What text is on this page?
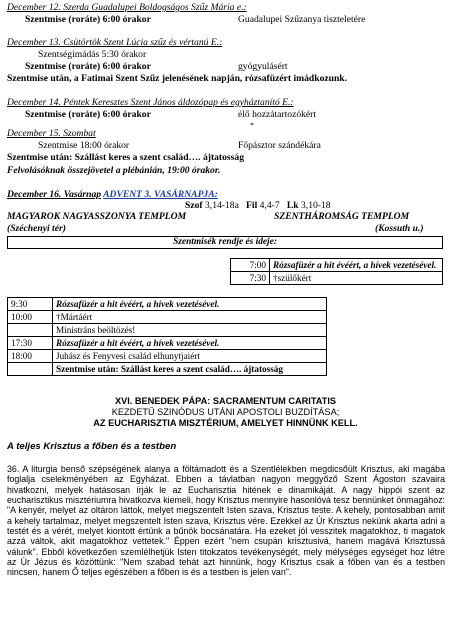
December 12. Szerda Guadalupei Boldogságos Szűz Mária e.:
Szentmise (roráte) 6:00 órakor	Guadalupei Szűzanya tiszteletére
December 13. Csütörtök Szent Lúcia szűz és vértanú E.:
Szentségimádás 5:30 órakor
Szentmise (roráte) 6:00 órakor	gyógyulásért
Szentmise után, a Fatimai Szent Szűz jelenésének napján, rózsafüzért imádkozunk.
December 14. Péntek Keresztes Szent János áldozópap és egyháztanító E.:
Szentmise (roráte) 6:00 órakor	élő hozzátartozókért
*
December 15. Szombat
Szentmise 18:00 órakor	Főpásztor szándékára
Szentmise után: Szállást keres a szent család…. ájtatosság
Felvolásóknak összejövetel a plébánián, 19:00 órakor.
December 16. Vasárnap ADVENT 3. VASÁRNAPJA:
Szof 3,14-18a Fil 4,4-7 Lk 3,10-18
MAGYAROK NAGYASSZONYA TEMPLOM	SZENTHÁROMSÁG TEMPLOM
(Széchenyi tér)	(Kossuth u.)
Szentmisék rendje és ideje:
7:00	Rózsafüzér a hit évéért, a hívek vezetésével.
7:30	†szülőkért
9:30	Rózsafüzér a hit évéért, a hívek vezetésével.
10:00	†Mártáért
	Ministráns beöltözés!
17:30	Rózsafüzér a hit évéért, a hívek vezetésével.
18:00	Juhász és Fenyvesi család elhunytjaiért
	Szentmise után: Szállást keres a szent család…. ájtatosság
XVI. BENEDEK PÁPA: SACRAMENTUM CARITATIS
KEZDETŰ SZINÓDUS UTÁNI APOSTOLI BUZDÍTÁSA;
AZ EUCHARISZTIA MISZTÉRIUM, AMELYET HINNÜNK KELL.
A teljes Krisztus a főben és a testben
36. A liturgia benső szépségének alanya a föltámadott és a Szentlélekben megdicsőült Krisztus, aki magába foglalja cselekményében az Egyházat. Ebben a távlatban nagyon meggyőző Szent Ágoston szavaira hivatkozni, melyek hatásosan írják le az Eucharisztia hitének e dinamikáját. A nagy hippói szent az eucharisztikus misztériumra hivatkozva kiemeli, hogy Krisztus mennyire hasonlóvá tesz bennünket önmagához: "A kenyér, melyet az oltáron láttok, melyet megszentelt Isten szava, Krisztus teste. A kehely, pontosabban amit a kehely tartalmaz, melyet megszentelt Isten szava, Krisztus vére. Ezekkel az Úr Krisztus nekünk akarta adni a testét és a vérét, melyet kiontott értünk a bűnök bocsánatára. Ha ezeket jól vesszitek magatokhoz, ti magatok azzá váltok, akit magatokhoz vettetek." Éppen ezért "nem csupán krisztusivá, hanem magává Krisztussá válunk". Ebből következően szemlélhetjük Isten titokzatos tevékenységét, mely mélységes egységet hoz létre az Úr Jézus és közöttünk: "Nem szabad tehát azt hinnünk, hogy Krisztus csak a főben van és a testben nincsen, hanem Ő teljes egészében a főben is és a testben is jelen van".
